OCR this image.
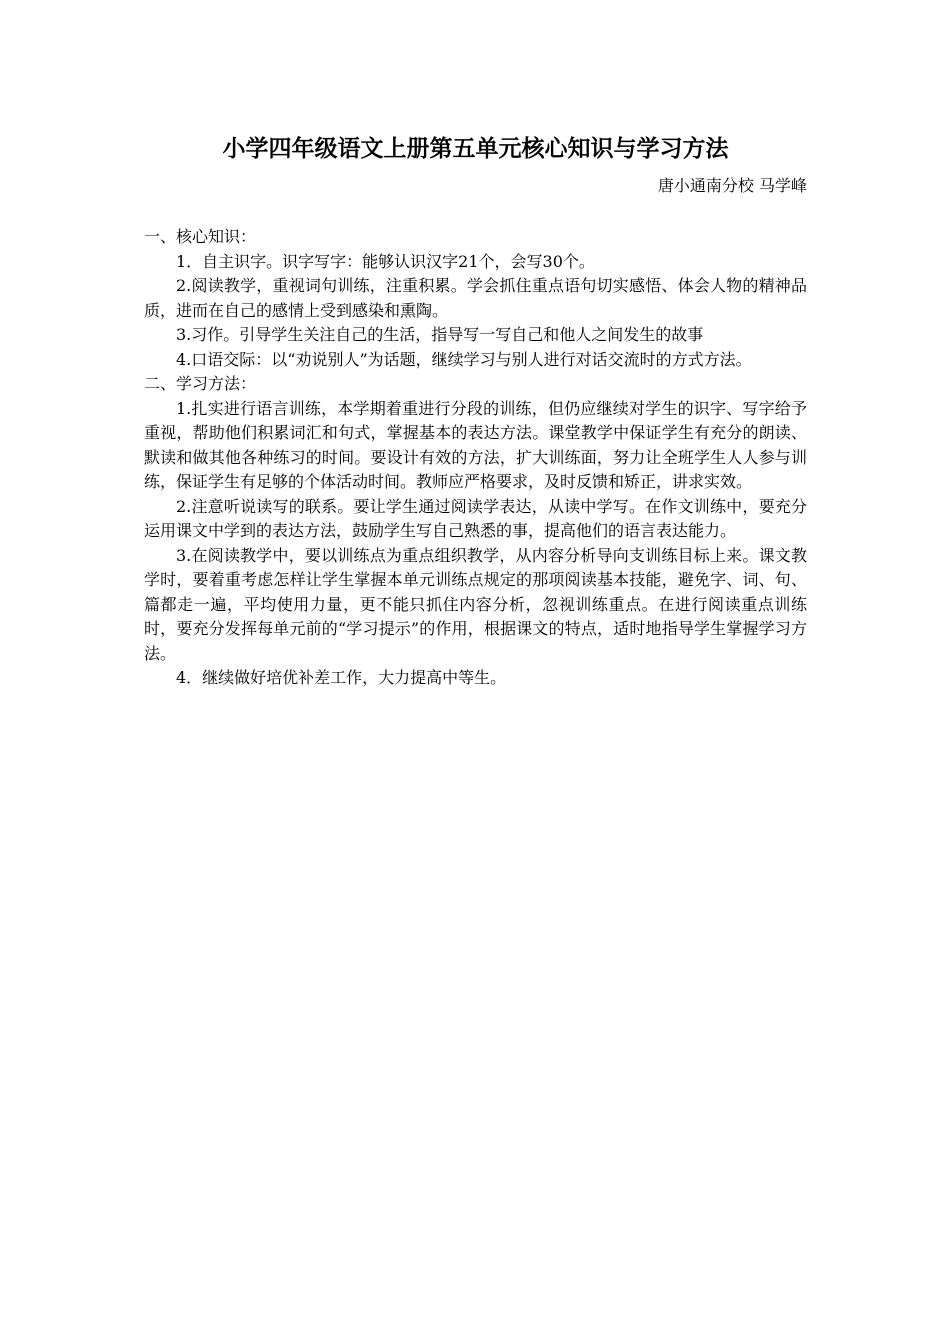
小学四年级语文上册第五单元核心知识与学习方法
唐小通南分校 马学峰

一、核心知识：

1．自主识字。识字写字：能够认识汉字21个，会写30个。

2.阅读教学，重视词句训练，注重积累。学会抓住重点语句切实感悟、体会人物的精神品质，进而在自己的感情上受到感染和熏陶。

3.习作。引导学生关注自己的生活，指导写一写自己和他人之间发生的故事

4.口语交际：以“劝说别人”为话题，继续学习与别人进行对话交流时的方式方法。

二、学习方法：

1.扎实进行语言训练，本学期着重进行分段的训练，但仍应继续对学生的识字、写字给予重视，帮助他们积累词汇和句式，掌握基本的表达方法。课堂教学中保证学生有充分的朗读、默读和做其他各种练习的时间。要设计有效的方法，扩大训练面，努力让全班学生人人参与训练，保证学生有足够的个体活动时间。教师应严格要求，及时反馈和矫正，讲求实效。

2.注意听说读写的联系。要让学生通过阅读学表达，从读中学写。在作文训练中，要充分运用课文中学到的表达方法，鼓励学生写自己熟悉的事，提高他们的语言表达能力。

3.在阅读教学中，要以训练点为重点组织教学，从内容分析导向支训练目标上来。课文教学时，要着重考虑怎样让学生掌握本单元训练点规定的那项阅读基本技能，避免字、词、句、篇都走一遍，平均使用力量，更不能只抓住内容分析，忽视训练重点。在进行阅读重点训练时，要充分发挥每单元前的“学习提示”的作用，根据课文的特点，适时地指导学生掌握学习方法。

4．继续做好培优补差工作，大力提高中等生。
